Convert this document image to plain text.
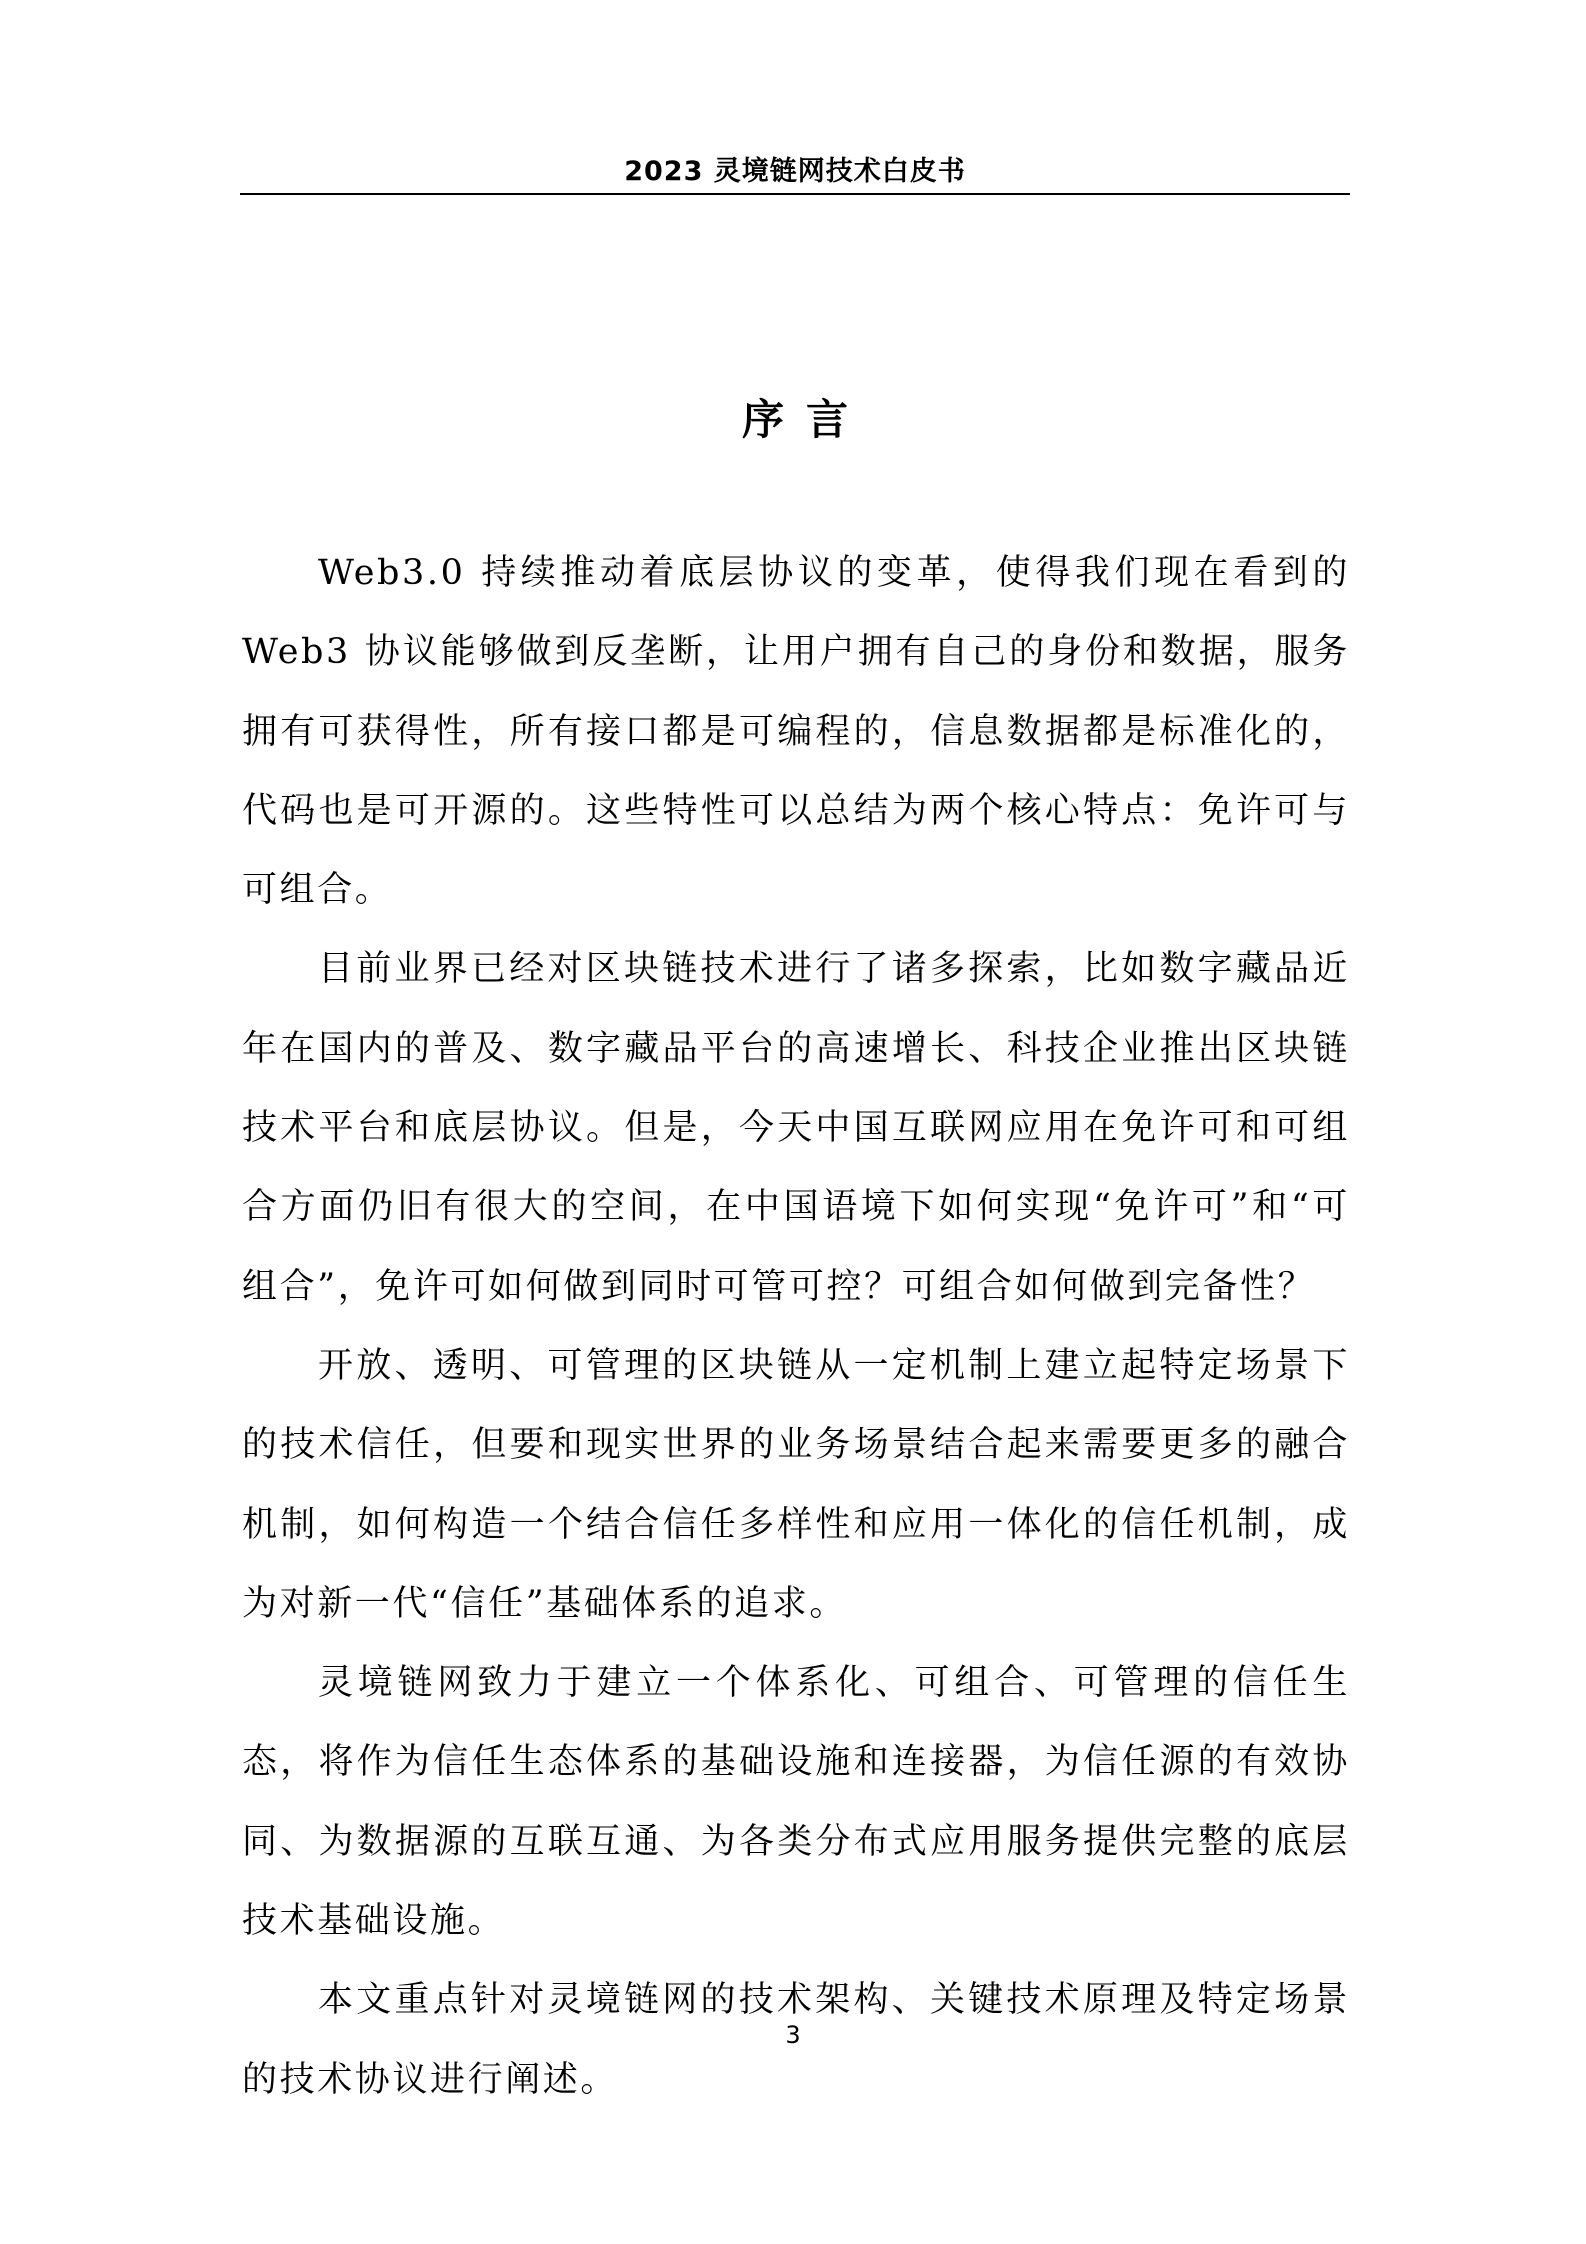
2023 灵境链网技术白皮书
序言

Web3.0 持续推动着底层协议的变革，使得我们现在看到的 Web3 协议能够做到反垄断，让用户拥有自己的身份和数据，服务拥有可获得性，所有接口都是可编程的，信息数据都是标准化的，代码也是可开源的。这些特性可以总结为两个核心特点：免许可与可组合。

目前业界已经对区块链技术进行了诸多探索，比如数字藏品近年在国内的普及、数字藏品平台的高速增长、科技企业推出区块链技术平台和底层协议。但是，今天中国互联网应用在免许可和可组合方面仍旧有很大的空间，在中国语境下如何实现“免许可”和“可组合”，免许可如何做到同时可管可控？可组合如何做到完备性？

开放、透明、可管理的区块链从一定机制上建立起特定场景下的技术信任，但要和现实世界的业务场景结合起来需要更多的融合机制，如何构造一个结合信任多样性和应用一体化的信任机制，成为对新一代“信任”基础体系的追求。

灵境链网致力于建立一个体系化、可组合、可管理的信任生态，将作为信任生态体系的基础设施和连接器，为信任源的有效协同、为数据源的互联互通、为各类分布式应用服务提供完整的底层技术基础设施。

本文重点针对灵境链网的技术架构、关键技术原理及特定场景的技术协议进行阐述。

3
